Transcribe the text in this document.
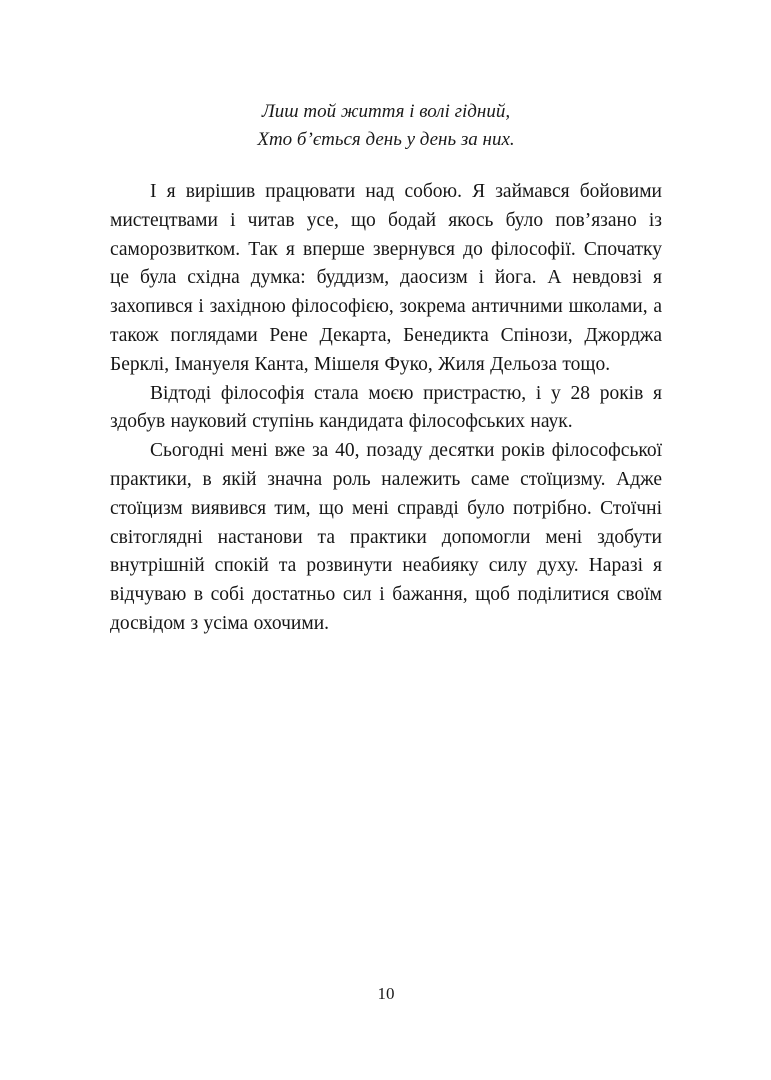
Лиш той життя і волі гідний,
Хто б’ється день у день за них.

І я вирішив працювати над собою. Я займався бойовими мистецтвами і читав усе, що бодай якось було пов’язано із саморозвитком. Так я вперше звернувся до філософії. Спочатку це була східна думка: буддизм, даосизм і йога. А невдовзі я захопився і західною філософією, зокрема античними школами, а також поглядами Рене Декарта, Бенедикта Спінози, Джорджа Берклі, Імануеля Канта, Мішеля Фуко, Жиля Дельоза тощо.

Відтоді філософія стала моєю пристрастю, і у 28 років я здобув науковий ступінь кандидата філософських наук.

Сьогодні мені вже за 40, позаду десятки років філософської практики, в якій значна роль належить саме стоїцизму. Адже стоїцизм виявився тим, що мені справді було потрібно. Стоїчні світоглядні настанови та практики допомогли мені здобути внутрішній спокій та розвинути неабияку силу духу. Наразі я відчуваю в собі достатньо сил і бажання, щоб поділитися своїм досвідом з усіма охочими.

10
